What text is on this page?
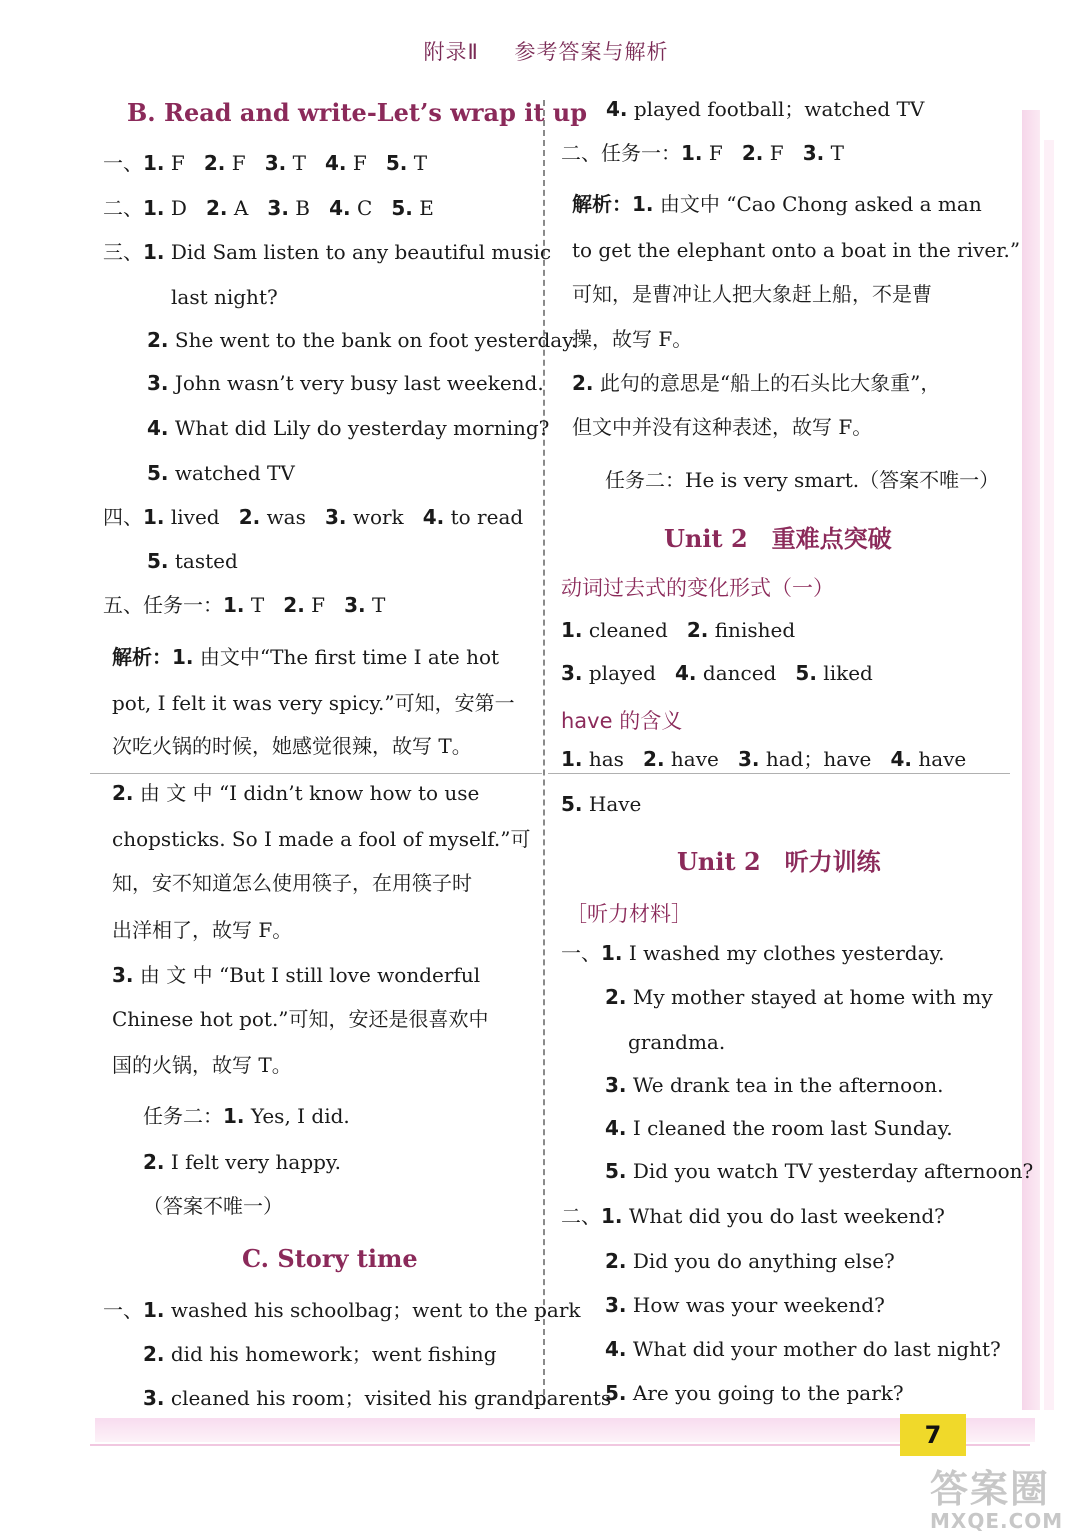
附录Ⅱ 参考答案与解析
B. Read and write-Let’s wrap it up
一、1. F 2. F 3. T 4. F 5. T
二、1. D 2. A 3. B 4. C 5. E
三、1. Did Sam listen to any beautiful music
last night?
2. She went to the bank on foot yesterday.
3. John wasn’t very busy last weekend.
4. What did Lily do yesterday morning?
5. watched TV
四、1. lived 2. was 3. work 4. to read
5. tasted
五、任务一：1. T 2. F 3. T
解析：1. 由文中“The first time I ate hot
pot, I felt it was very spicy.”可知，安第一
次吃火锅的时候，她感觉很辣，故写 T。
2. 由 文 中 “I didn’t know how to use
chopsticks. So I made a fool of myself.”可
知，安不知道怎么使用筷子，在用筷子时
出洋相了，故写 F。
3. 由 文 中 “But I still love wonderful
Chinese hot pot.”可知，安还是很喜欢中
国的火锅，故写 T。
任务二：1. Yes, I did.
2. I felt very happy.
（答案不唯一）
C. Story time
一、1. washed his schoolbag；went to the park
2. did his homework；went fishing
3. cleaned his room；visited his grandparents
4. played football；watched TV
二、任务一：1. F 2. F 3. T
解析：1. 由文中 “Cao Chong asked a man
to get the elephant onto a boat in the river.”
可知，是曹冲让人把大象赶上船，不是曹
操，故写 F。
2. 此句的意思是“船上的石头比大象重”，
但文中并没有这种表述，故写 F。
任务二：He is very smart.（答案不唯一）
Unit 2　重难点突破
动词过去式的变化形式（一）
1. cleaned 2. finished
3. played 4. danced 5. liked
have 的含义
1. has 2. have 3. had；have 4. have
5. Have
Unit 2　听力训练
［听力材料］
一、1. I washed my clothes yesterday.
2. My mother stayed at home with my
grandma.
3. We drank tea in the afternoon.
4. I cleaned the room last Sunday.
5. Did you watch TV yesterday afternoon?
二、1. What did you do last weekend?
2. Did you do anything else?
3. How was your weekend?
4. What did your mother do last night?
5. Are you going to the park?
7
答案圈
MXQE.COM
